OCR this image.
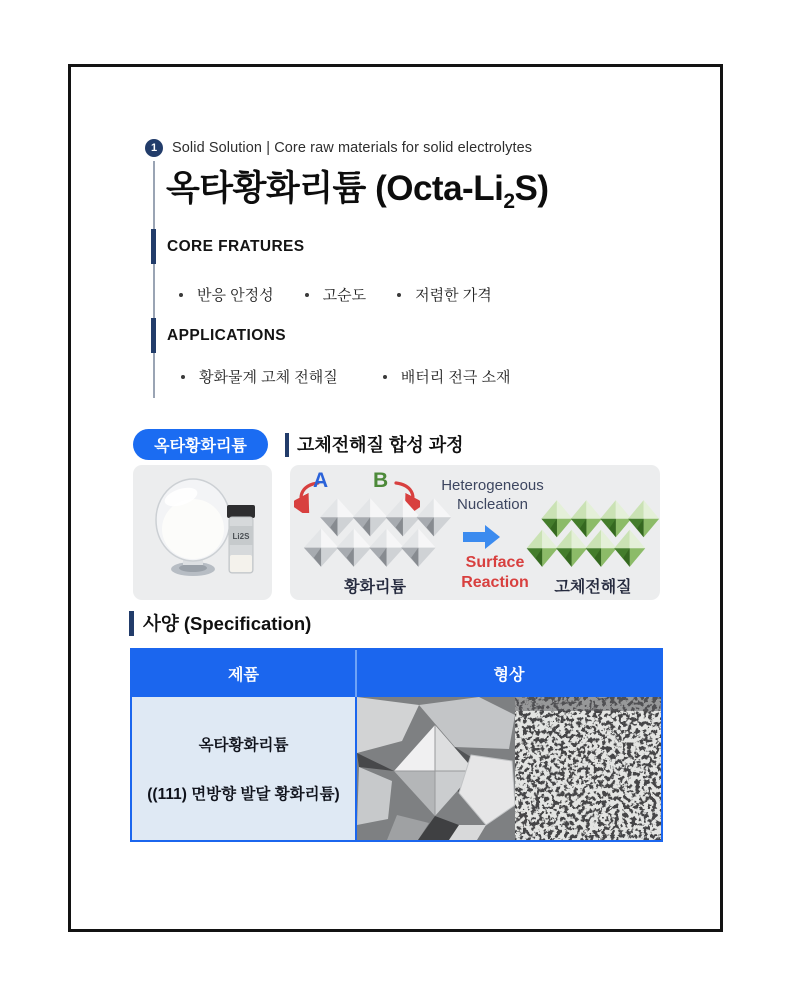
1	Solid Solution | Core raw materials for solid electrolytes
옥타황화리튬 $(Octa-Li_2S)$
CORE FRATURES
반응 안정성	고순도	저렴한 가격
APPLICATIONS
황화물계 고체 전해질	배터리 전극 소재
옥타황화리튬	고체전해질 합성 과정
Li2S
A B	Heterogeneous
Nucleation
황화리튬
Surface
Reaction	고체전해질
사양 (Specification)
제품	형상
옥타황화리튬
((111) 면방향 발달 황화리튬)
